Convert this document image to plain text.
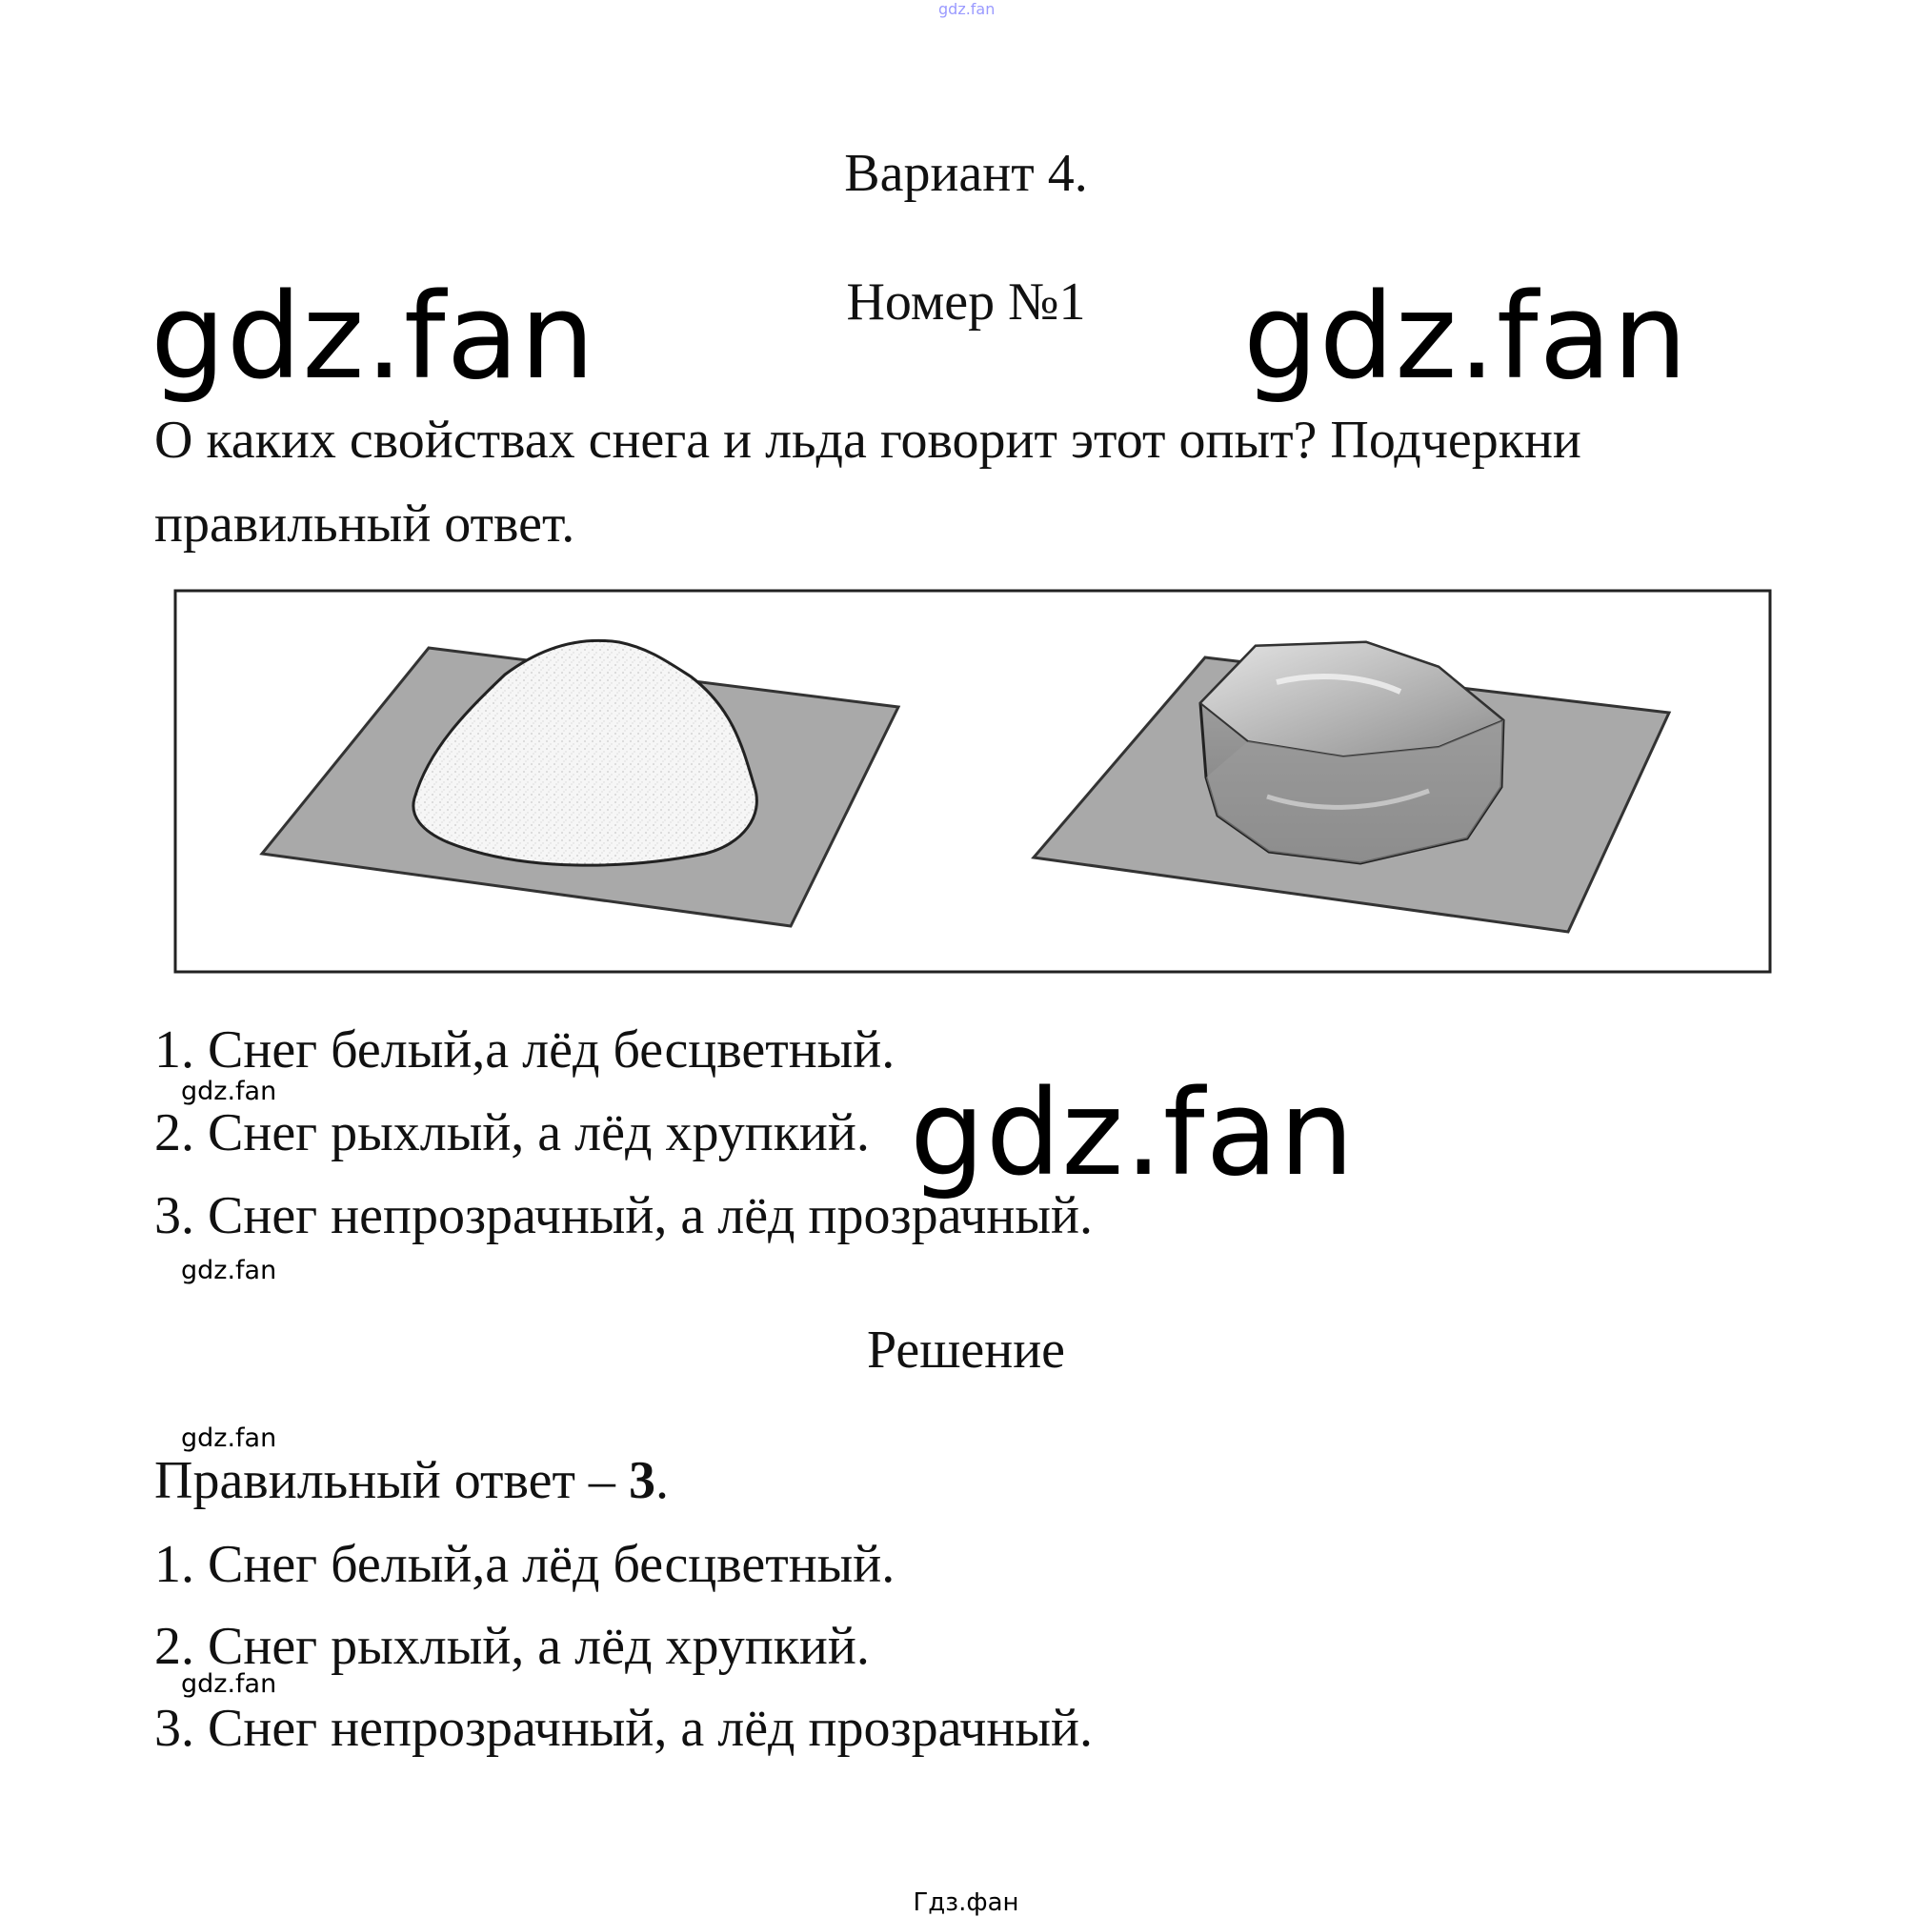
gdz.fan
Вариант 4.
Номер №1
gdz.fan	gdz.fan
О каких свойствах снега и льда говорит этот опыт? Подчеркни правильный ответ.
1. Снег белый,а лёд бесцветный.
gdz.fan
2. Снег рыхлый, а лёд хрупкий. gdz.fan
3. Снег непрозрачный, а лёд прозрачный.
gdz.fan
Решение
gdz.fan
Правильный ответ – 3.
1. Снег белый,а лёд бесцветный.
2. Снег рыхлый, а лёд хрупкий.
gdz.fan
3. Снег непрозрачный, а лёд прозрачный.
Гдз.фан
